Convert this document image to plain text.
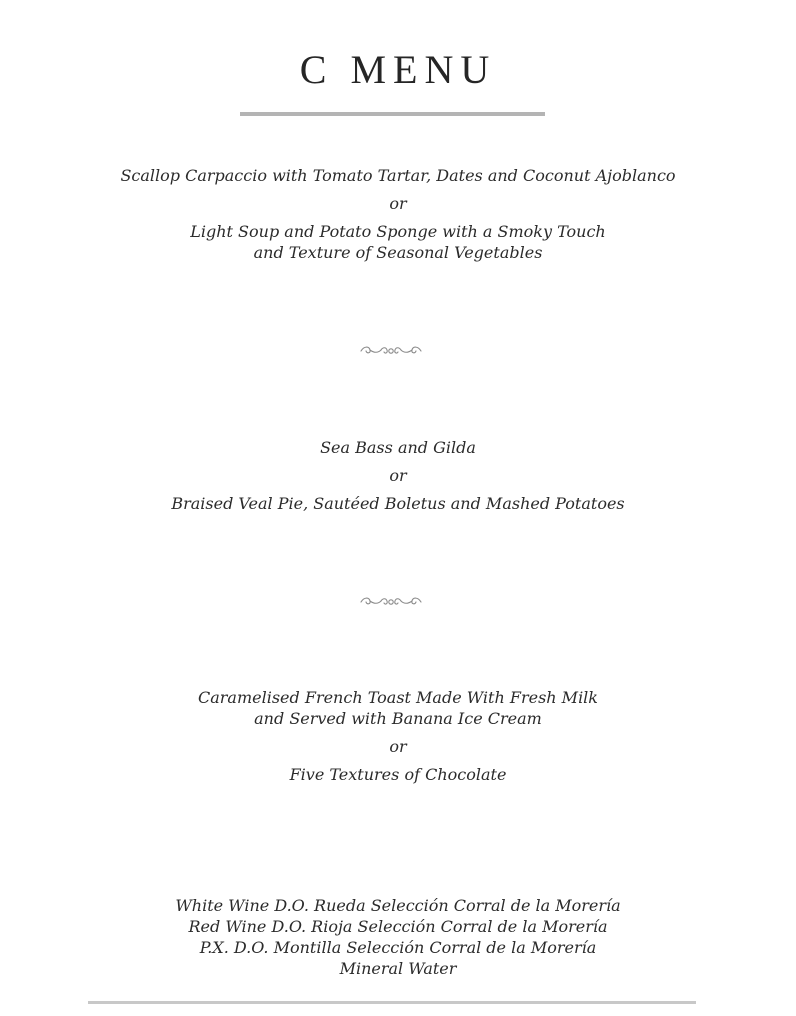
C MENU
Scallop Carpaccio with Tomato Tartar, Dates and Coconut Ajoblanco
or
Light Soup and Potato Sponge with a Smoky Touch
and Texture of Seasonal Vegetables
Sea Bass and Gilda
or
Braised Veal Pie, Sautéed Boletus and Mashed Potatoes
Caramelised French Toast Made With Fresh Milk
and Served with Banana Ice Cream
or
Five Textures of Chocolate
White Wine D.O. Rueda Selección Corral de la Morería
Red Wine D.O. Rioja Selección Corral de la Morería
P.X. D.O. Montilla Selección Corral de la Morería
Mineral Water
